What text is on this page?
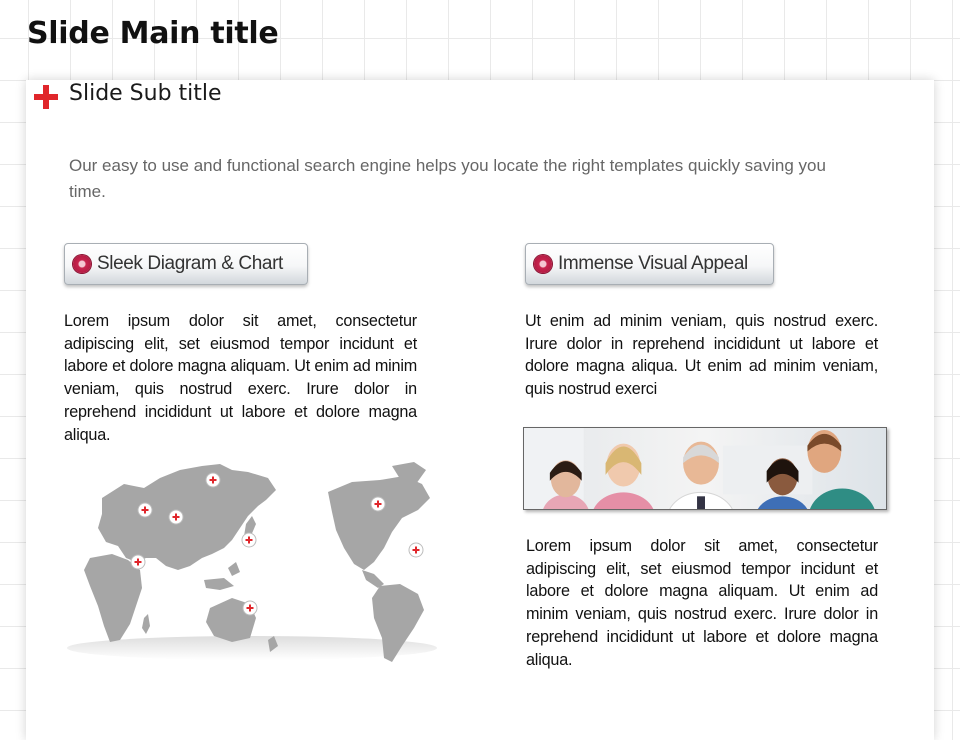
Slide Main title
Slide Sub title
Our easy to use and functional search engine helps you locate the right templates quickly saving you time.
Sleek Diagram & Chart	Immense Visual Appeal
Lorem ipsum dolor sit amet, consectetur adipiscing elit, set eiusmod tempor incidunt et labore et dolore magna aliquam. Ut enim ad minim veniam, quis nostrud exerc. Irure dolor in reprehend incididunt ut labore et dolore magna aliqua.
Ut enim ad minim veniam, quis nostrud exerc. Irure dolor in reprehend incididunt ut labore et dolore magna aliqua. Ut enim ad minim veniam, quis nostrud exerci
Lorem ipsum dolor sit amet, consectetur adipiscing elit, set eiusmod tempor incidunt et labore et dolore magna aliquam. Ut enim ad minim veniam, quis nostrud exerc. Irure dolor in reprehend incididunt ut labore et dolore magna aliqua.
